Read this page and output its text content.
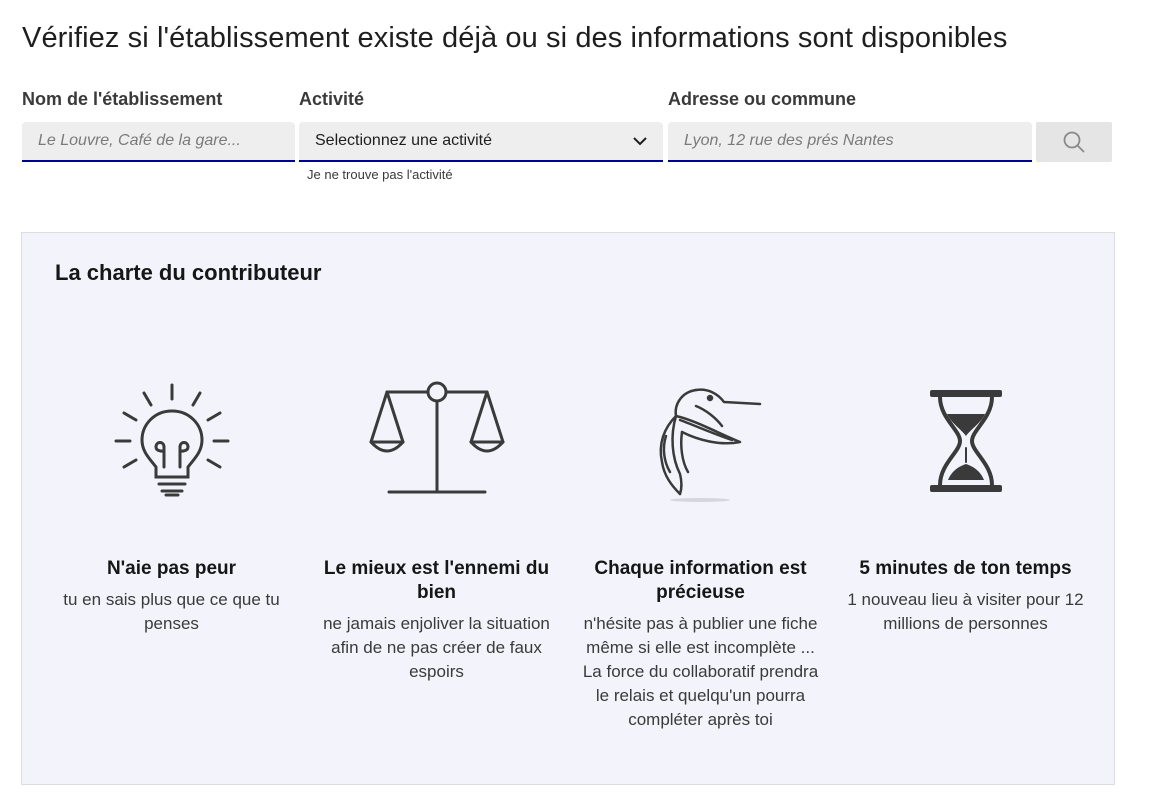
Vérifiez si l'établissement existe déjà ou si des informations sont disponibles
Nom de l'établissement	Activité	Adresse ou commune
Le Louvre, Café de la gare...
Selectionnez une activité
Lyon, 12 rue des prés Nantes
Je ne trouve pas l'activité
La charte du contributeur
N'aie pas peur
tu en sais plus que ce que tu penses
Le mieux est l'ennemi du bien
ne jamais enjoliver la situation afin de ne pas créer de faux espoirs
Chaque information est précieuse
n'hésite pas à publier une fiche même si elle est incomplète ... La force du collaboratif prendra le relais et quelqu'un pourra compléter après toi
5 minutes de ton temps
1 nouveau lieu à visiter pour 12 millions de personnes
